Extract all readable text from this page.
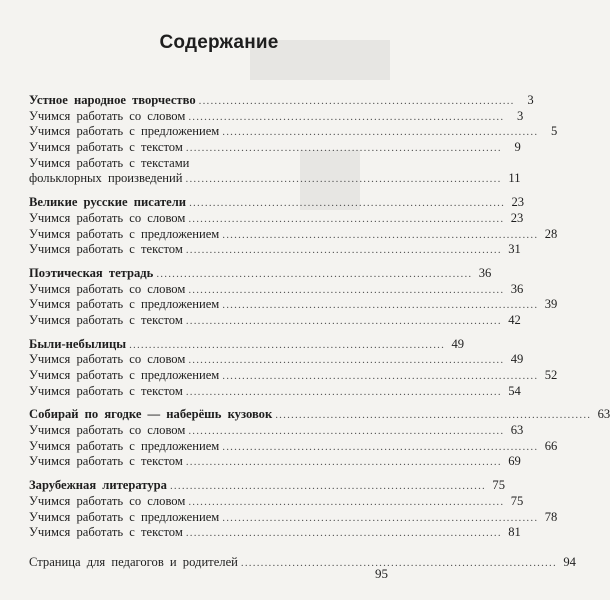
Содержание
Устное народное творчество ................................................................................	3
Учимся работать со словом ................................................................................	3
Учимся работать с предложением ................................................................................	5
Учимся работать с текстом ................................................................................	9
Учимся работать с текстами
фольклорных произведений ................................................................................ 11
Великие русские писатели ................................................................................ 23
Учимся работать со словом ................................................................................ 23
Учимся работать с предложением ................................................................................ 28
Учимся работать с текстом ................................................................................ 31
Поэтическая тетрадь ................................................................................ 36
Учимся работать со словом ................................................................................ 36
Учимся работать с предложением ................................................................................ 39
Учимся работать с текстом ................................................................................ 42
Были-небылицы ................................................................................ 49
Учимся работать со словом ................................................................................ 49
Учимся работать с предложением ................................................................................ 52
Учимся работать с текстом ................................................................................ 54
Собирай по ягодке — наберёшь кузовок ................................................................................ 63
Учимся работать со словом ................................................................................ 63
Учимся работать с предложением ................................................................................ 66
Учимся работать с текстом ................................................................................ 69
Зарубежная литература ................................................................................ 75
Учимся работать со словом ................................................................................ 75
Учимся работать с предложением ................................................................................ 78
Учимся работать с текстом ................................................................................ 81
Страница для педагогов и родителей ................................................................................ 94
95
